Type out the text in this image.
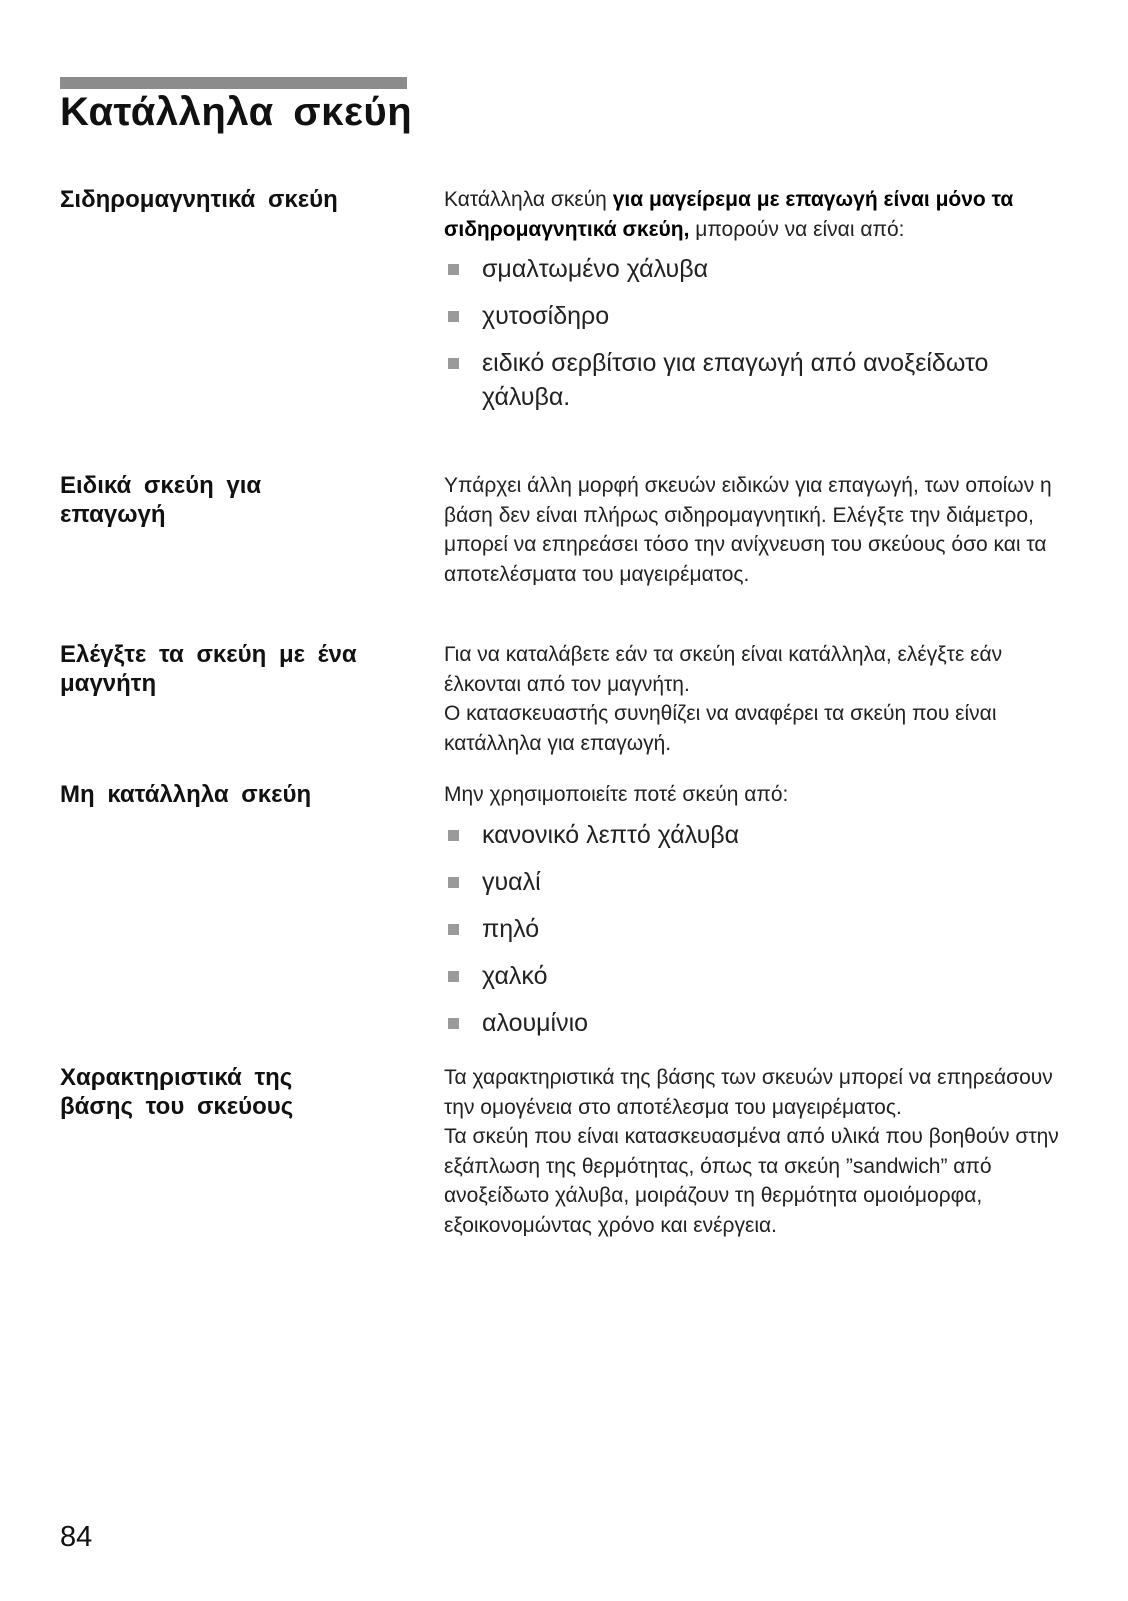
Κατάλληλα σκεύη
Σιδηρομαγνητικά σκεύη	Κατάλληλα σκεύη για μαγείρεμα με επαγωγή είναι μόνο τα σιδηρομαγνητικά σκεύη, μπορούν να είναι από:

σμαλτωμένο χάλυβα
χυτοσίδηρο
ειδικό σερβίτσιο για επαγωγή από ανοξείδωτο χάλυβα.
Ειδικά σκεύη για επαγωγή

Υπάρχει άλλη μορφή σκευών ειδικών για επαγωγή, των οποίων η βάση δεν είναι πλήρως σιδηρομαγνητική. Ελέγξτε την διάμετρο, μπορεί να επηρεάσει τόσο την ανίχνευση του σκεύους όσο και τα αποτελέσματα του μαγειρέματος.

Ελέγξτε τα σκεύη με ένα μαγνήτη

Για να καταλάβετε εάν τα σκεύη είναι κατάλληλα, ελέγξτε εάν έλκονται από τον μαγνήτη.

Ο κατασκευαστής συνηθίζει να αναφέρει τα σκεύη που είναι κατάλληλα για επαγωγή.

Μη κατάλληλα σκεύη	Μην χρησιμοποιείτε ποτέ σκεύη από:

κανονικό λεπτό χάλυβα
γυαλί
πηλό
χαλκό
αλουμίνιο
Χαρακτηριστικά της βάσης του σκεύους

Τα χαρακτηριστικά της βάσης των σκευών μπορεί να επηρεάσουν την ομογένεια στο αποτέλεσμα του μαγειρέματος.

Τα σκεύη που είναι κατασκευασμένα από υλικά που βοηθούν στην εξάπλωση της θερμότητας, όπως τα σκεύη ”sandwich” από ανοξείδωτο χάλυβα, μοιράζουν τη θερμότητα ομοιόμορφα, εξοικονομώντας χρόνο και ενέργεια.

84
